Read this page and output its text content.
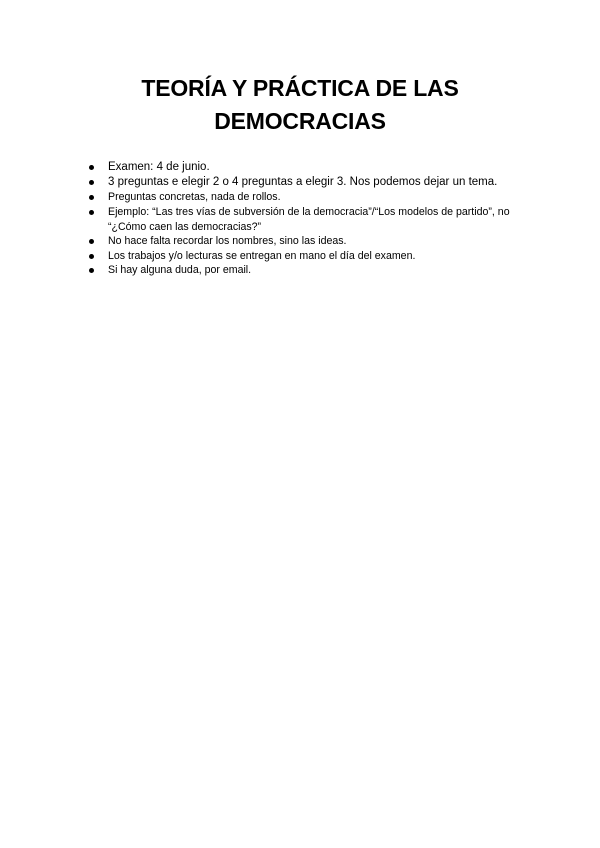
TEORÍA Y PRÁCTICA DE LAS
DEMOCRACIAS
Examen: 4 de junio.
3 preguntas e elegir 2 o 4 preguntas a elegir 3. Nos podemos dejar un tema.
Preguntas concretas, nada de rollos.
Ejemplo: “Las tres vías de subversión de la democracia”/“Los modelos de partido”, no “¿Cómo caen las democracias?”
No hace falta recordar los nombres, sino las ideas.
Los trabajos y/o lecturas se entregan en mano el día del examen.
Si hay alguna duda, por email.
